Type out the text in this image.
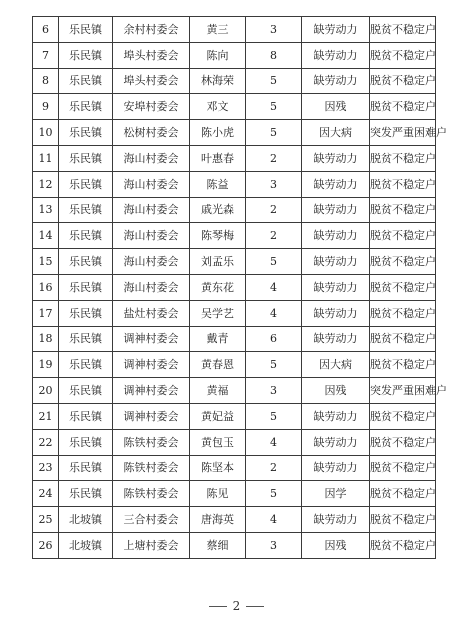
6	乐民镇	余村村委会	黄三	3	缺劳动力	脱贫不稳定户
7	乐民镇	埠头村委会	陈向	8	缺劳动力	脱贫不稳定户
8	乐民镇	埠头村委会	林海荣	5	缺劳动力	脱贫不稳定户
9	乐民镇	安埠村委会	邓文	5	因残	脱贫不稳定户
10	乐民镇	松树村委会	陈小虎	5	因大病	突发严重困难户
11	乐民镇	海山村委会	叶惠春	2	缺劳动力	脱贫不稳定户
12	乐民镇	海山村委会	陈益	3	缺劳动力	脱贫不稳定户
13	乐民镇	海山村委会	戚光森	2	缺劳动力	脱贫不稳定户
14	乐民镇	海山村委会	陈琴梅	2	缺劳动力	脱贫不稳定户
15	乐民镇	海山村委会	刘孟乐	5	缺劳动力	脱贫不稳定户
16	乐民镇	海山村委会	黄东花	4	缺劳动力	脱贫不稳定户
17	乐民镇	盐灶村委会	吴学艺	4	缺劳动力	脱贫不稳定户
18	乐民镇	调神村委会	戴青	6	缺劳动力	脱贫不稳定户
19	乐民镇	调神村委会	黄春恩	5	因大病	脱贫不稳定户
20	乐民镇	调神村委会	黄福	3	因残	突发严重困难户
21	乐民镇	调神村委会	黄妃益	5	缺劳动力	脱贫不稳定户
22	乐民镇	陈铁村委会	黄包玉	4	缺劳动力	脱贫不稳定户
23	乐民镇	陈铁村委会	陈坚本	2	缺劳动力	脱贫不稳定户
24	乐民镇	陈铁村委会	陈见	5	因学	脱贫不稳定户
25	北坡镇	三合村委会	唐海英	4	缺劳动力	脱贫不稳定户
26	北坡镇	上塘村委会	蔡细	3	因残	脱贫不稳定户
2
